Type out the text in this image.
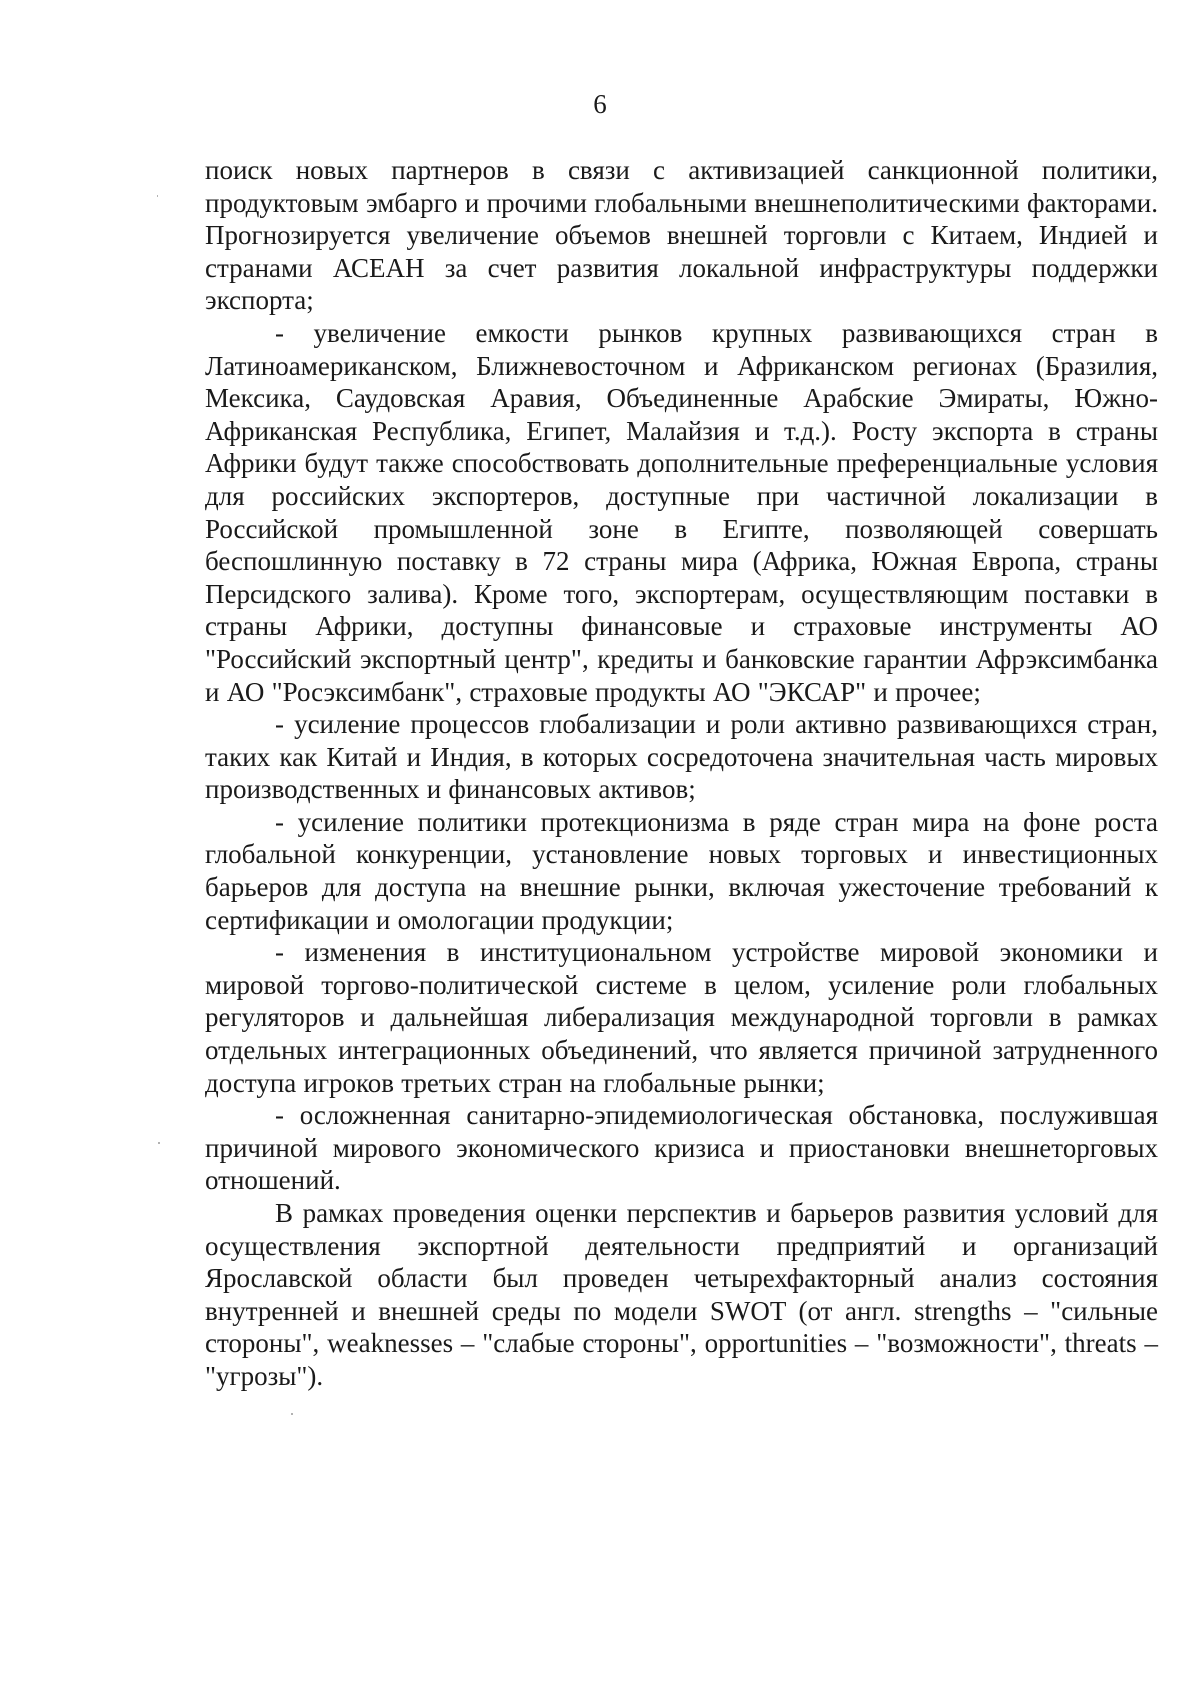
6

поиск новых партнеров в связи с активизацией санкционной политики, продуктовым эмбарго и прочими глобальными внешнеполитическими факторами. Прогнозируется увеличение объемов внешней торговли с Китаем, Индией и странами АСЕАН за счет развития локальной инфраструктуры поддержки экспорта;

- увеличение емкости рынков крупных развивающихся стран в Латиноамериканском, Ближневосточном и Африканском регионах (Бразилия, Мексика, Саудовская Аравия, Объединенные Арабские Эмираты, Южно-Африканская Республика, Египет, Малайзия и т.д.). Росту экспорта в страны Африки будут также способствовать дополнительные преференциальные условия для российских экспортеров, доступные при частичной локализации в Российской промышленной зоне в Египте, позволяющей совершать беспошлинную поставку в 72 страны мира (Африка, Южная Европа, страны Персидского залива). Кроме того, экспортерам, осуществляющим поставки в страны Африки, доступны финансовые и страховые инструменты АО "Российский экспортный центр", кредиты и банковские гарантии Афрэксимбанка и АО "Росэксимбанк", страховые продукты АО "ЭКСАР" и прочее;

- усиление процессов глобализации и роли активно развивающихся стран, таких как Китай и Индия, в которых сосредоточена значительная часть мировых производственных и финансовых активов;

- усиление политики протекционизма в ряде стран мира на фоне роста глобальной конкуренции, установление новых торговых и инвестиционных барьеров для доступа на внешние рынки, включая ужесточение требований к сертификации и омологации продукции;

- изменения в институциональном устройстве мировой экономики и мировой торгово-политической системе в целом, усиление роли глобальных регуляторов и дальнейшая либерализация международной торговли в рамках отдельных интеграционных объединений, что является причиной затрудненного доступа игроков третьих стран на глобальные рынки;

- осложненная санитарно-эпидемиологическая обстановка, послужившая причиной мирового экономического кризиса и приостановки внешнеторговых отношений.

В рамках проведения оценки перспектив и барьеров развития условий для осуществления экспортной деятельности предприятий и организаций Ярославской области был проведен четырехфакторный анализ состояния внутренней и внешней среды по модели SWOT (от англ. strengths – "сильные стороны", weaknesses – "слабые стороны", opportunities – "возможности", threats – "угрозы").
